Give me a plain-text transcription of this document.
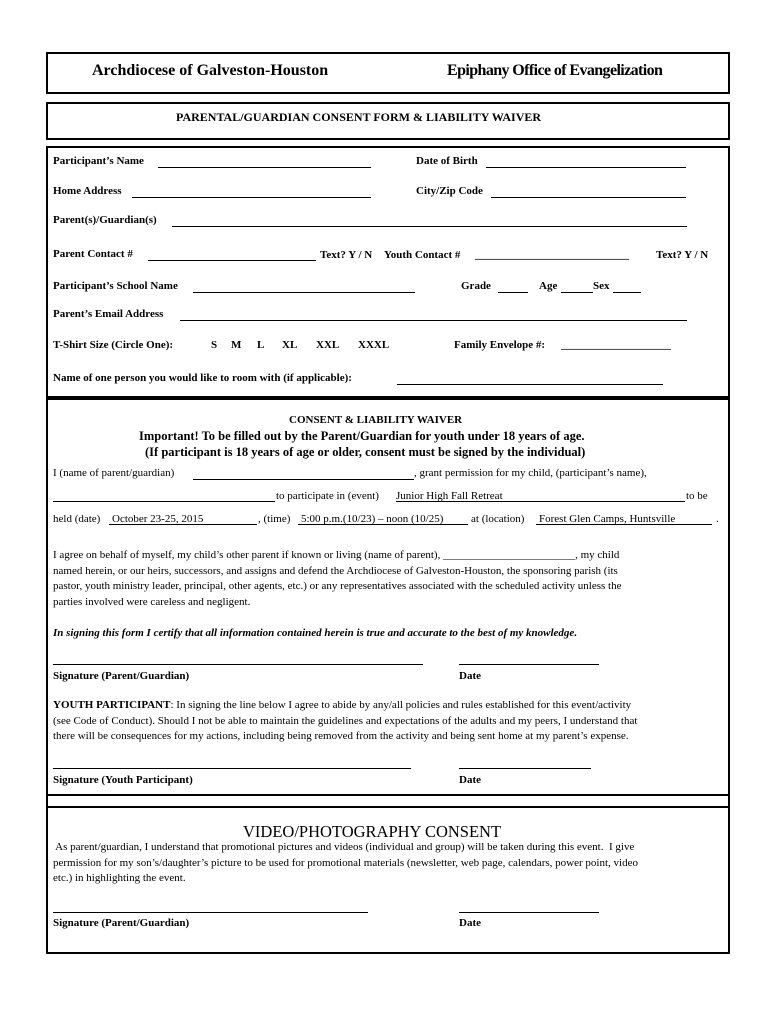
Archdiocese of Galveston-Houston	Epiphany Office of Evangelization
PARENTAL/GUARDIAN CONSENT FORM & LIABILITY WAIVER
Participant’s Name	Date of Birth
Home Address	City/Zip Code
Parent(s)/Guardian(s)
Parent Contact #	Text? Y / N Youth Contact # ____________________________ Text? Y / N
Participant’s School Name	Grade	Age	Sex
Parent’s Email Address
T-Shirt Size (Circle One):	S M L XL XXL XXXL	Family Envelope #: ____________________
Name of one person you would like to room with (if applicable):
CONSENT & LIABILITY WAIVER
Important! To be filled out by the Parent/Guardian for youth under 18 years of age.
(If participant is 18 years of age or older, consent must be signed by the individual)
I (name of parent/guardian)	, grant permission for my child, (participant’s name),
to participate in (event) Junior High Fall Retreat	to be
held (date) October 23-25, 2015	, (time) 5:00 p.m.(10/23) – noon (10/25)	at (location) Forest Glen Camps, Huntsville	.

I agree on behalf of myself, my child’s other parent if known or living (name of parent), ________________________, my child

named herein, or our heirs, successors, and assigns and defend the Archdiocese of Galveston-Houston, the sponsoring parish (its

pastor, youth ministry leader, principal, other agents, etc.) or any representatives associated with the scheduled activity unless the

parties involved were careless and negligent.

In signing this form I certify that all information contained herein is true and accurate to the best of my knowledge.
Signature (Parent/Guardian)	Date

YOUTH PARTICIPANT: In signing the line below I agree to abide by any/all policies and rules established for this event/activity

(see Code of Conduct). Should I not be able to maintain the guidelines and expectations of the adults and my peers, I understand that

there will be consequences for my actions, including being removed from the activity and being sent home at my parent’s expense.

Signature (Youth Participant)	Date
VIDEO/PHOTOGRAPHY CONSENT

As parent/guardian, I understand that promotional pictures and videos (individual and group) will be taken during this event.  I give

permission for my son’s/daughter’s picture to be used for promotional materials (newsletter, web page, calendars, power point, video

etc.) in highlighting the event.

Signature (Parent/Guardian)	Date
